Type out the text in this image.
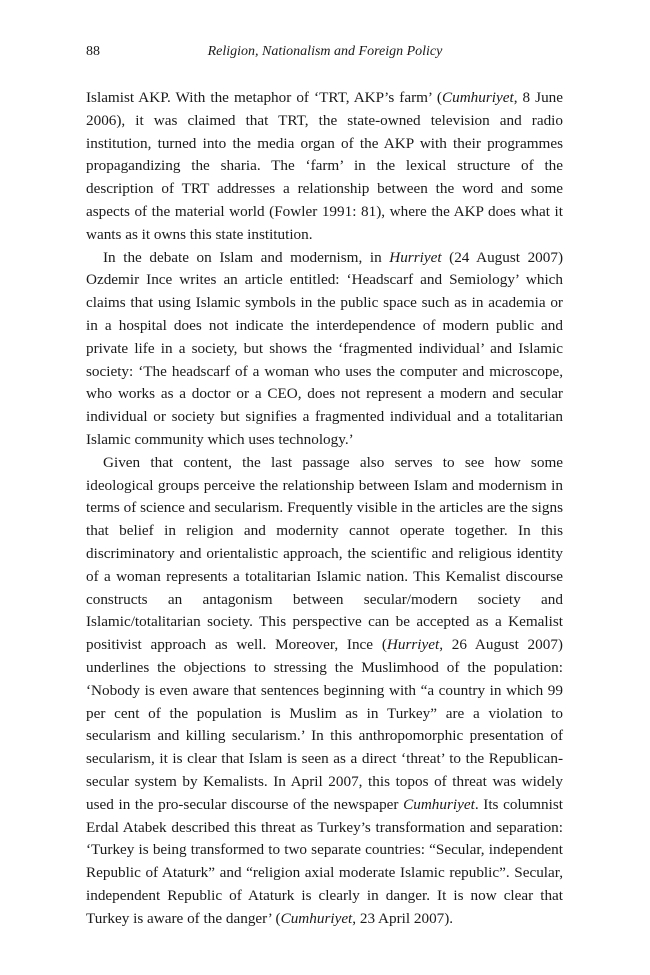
88	Religion, Nationalism and Foreign Policy

Islamist AKP. With the metaphor of ‘TRT, AKP’s farm’ (Cumhuriyet, 8 June 2006), it was claimed that TRT, the state-owned television and radio institution, turned into the media organ of the AKP with their programmes propagandizing the sharia. The ‘farm’ in the lexical structure of the description of TRT addresses a relationship between the word and some aspects of the material world (Fowler 1991: 81), where the AKP does what it wants as it owns this state institution.

In the debate on Islam and modernism, in Hurriyet (24 August 2007) Ozdemir Ince writes an article entitled: ‘Headscarf and Semiology’ which claims that using Islamic symbols in the public space such as in academia or in a hospital does not indicate the interdependence of modern public and private life in a society, but shows the ‘fragmented individual’ and Islamic society: ‘The headscarf of a woman who uses the computer and microscope, who works as a doctor or a CEO, does not represent a modern and secular individual or society but signifies a fragmented individual and a totalitarian Islamic community which uses technology.’

Given that content, the last passage also serves to see how some ideological groups perceive the relationship between Islam and modernism in terms of science and secularism. Frequently visible in the articles are the signs that belief in religion and modernity cannot operate together. In this discriminatory and orientalistic approach, the scientific and religious identity of a woman represents a totalitarian Islamic nation. This Kemalist discourse constructs an antagonism between secular/modern society and Islamic/totalitarian society. This perspective can be accepted as a Kemalist positivist approach as well. Moreover, Ince (Hurriyet, 26 August 2007) underlines the objections to stressing the Muslimhood of the population: ‘Nobody is even aware that sentences beginning with “a country in which 99 per cent of the population is Muslim as in Turkey” are a violation to secularism and killing secularism.’ In this anthropomorphic presentation of secularism, it is clear that Islam is seen as a direct ‘threat’ to the Republican-secular system by Kemalists. In April 2007, this topos of threat was widely used in the pro-secular discourse of the newspaper Cumhuriyet. Its columnist Erdal Atabek described this threat as Turkey’s transformation and separation: ‘Turkey is being transformed to two separate countries: “Secular, independent Republic of Ataturk” and “religion axial moderate Islamic republic”. Secular, independent Republic of Ataturk is clearly in danger. It is now clear that Turkey is aware of the danger’ (Cumhuriyet, 23 April 2007).
